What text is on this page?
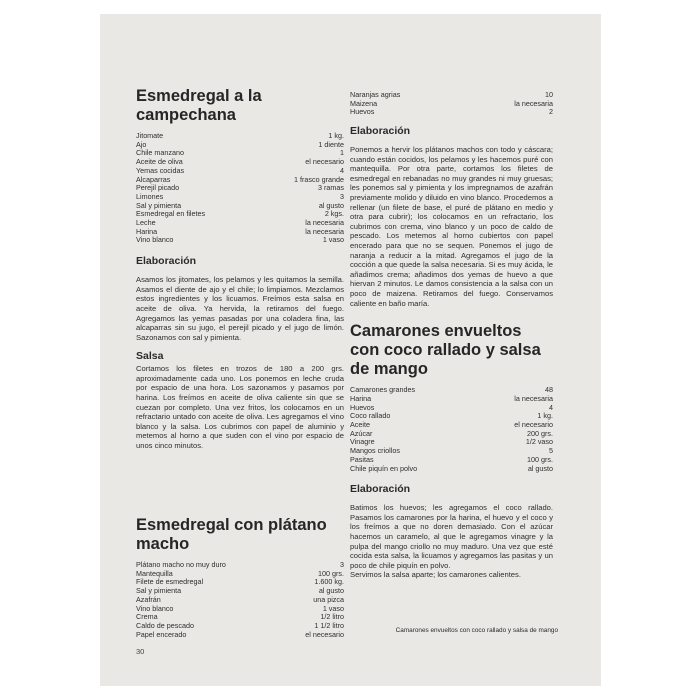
Esmedregal a la campechana
Jitomate	1 kg.
Ajo	1 diente
Chile manzano	1
Aceite de oliva	el necesario
Yemas cocidas	4
Alcaparras	1 frasco grande
Perejil picado	3 ramas
Limones	3
Sal y pimienta	al gusto
Esmedregal en filetes	2 kgs.
Leche	la necesaria
Harina	la necesaria
Vino blanco	1 vaso
Elaboración

Asamos los jitomates, los pelamos y les quitamos la semilla. Asamos el diente de ajo y el chile; lo limpiamos. Mezclamos estos ingredientes y los licuamos. Freímos esta salsa en aceite de oliva. Ya hervida, la retiramos del fuego. Agregamos las yemas pasadas por una coladera fina, las alcaparras sin su jugo, el perejil picado y el jugo de limón. Sazonamos con sal y pimienta.

Salsa

Cortamos los filetes en trozos de 180 a 200 grs. aproximadamente cada uno. Los ponemos en leche cruda por espacio de una hora. Los sazonamos y pasamos por harina. Los freímos en aceite de oliva caliente sin que se cuezan por completo. Una vez fritos, los colocamos en un refractario untado con aceite de oliva. Les agregamos el vino blanco y la salsa. Los cubrimos con papel de aluminio y metemos al horno a que suden con el vino por espacio de unos cinco minutos.

Esmedregal con plátano macho
Plátano macho no muy duro	3
Mantequilla	100 grs.
Filete de esmedregal	1.600 kg.
Sal y pimienta	al gusto
Azafrán	una pizca
Vino blanco	1 vaso
Crema	1/2 litro
Caldo de pescado	1 1/2 litro
Papel encerado	el necesario
Naranjas agrias	10
Maizena	la necesaria
Huevos	2
Elaboración

Ponemos a hervir los plátanos machos con todo y cáscara; cuando están cocidos, los pelamos y les hacemos puré con mantequilla. Por otra parte, cortamos los filetes de esmedregal en rebanadas no muy grandes ni muy gruesas; les ponemos sal y pimienta y los impregnamos de azafrán previamente molido y diluido en vino blanco. Procedemos a rellenar (un filete de base, el puré de plátano en medio y otra para cubrir); los colocamos en un refractario, los cubrimos con crema, vino blanco y un poco de caldo de pescado. Los metemos al horno cubiertos con papel encerado para que no se sequen. Ponemos el jugo de naranja a reducir a la mitad. Agregamos el jugo de la cocción a que quede la salsa necesaria. Si es muy ácida, le añadimos crema; añadimos dos yemas de huevo a que hiervan 2 minutos. Le damos consistencia a la salsa con un poco de maizena. Retiramos del fuego. Conservamos caliente en baño maría.

Camarones envueltos con coco rallado y salsa de mango
Camarones grandes	48
Harina	la necesaria
Huevos	4
Coco rallado	1 kg.
Aceite	el necesario
Azúcar	200 grs.
Vinagre	1/2 vaso
Mangos criollos	5
Pasitas	100 grs.
Chile piquín en polvo	al gusto
Elaboración

Batimos los huevos; les agregamos el coco rallado. Pasamos los camarones por la harina, el huevo y el coco y los freímos a que no doren demasiado. Con el azúcar hacemos un caramelo, al que le agregamos vinagre y la pulpa del mango criollo no muy maduro. Una vez que esté cocida esta salsa, la licuamos y agregamos las pasitas y un poco de chile piquín en polvo.

Servimos la salsa aparte; los camarones calientes.

Camarones envueltos con coco rallado y salsa de mango
30
